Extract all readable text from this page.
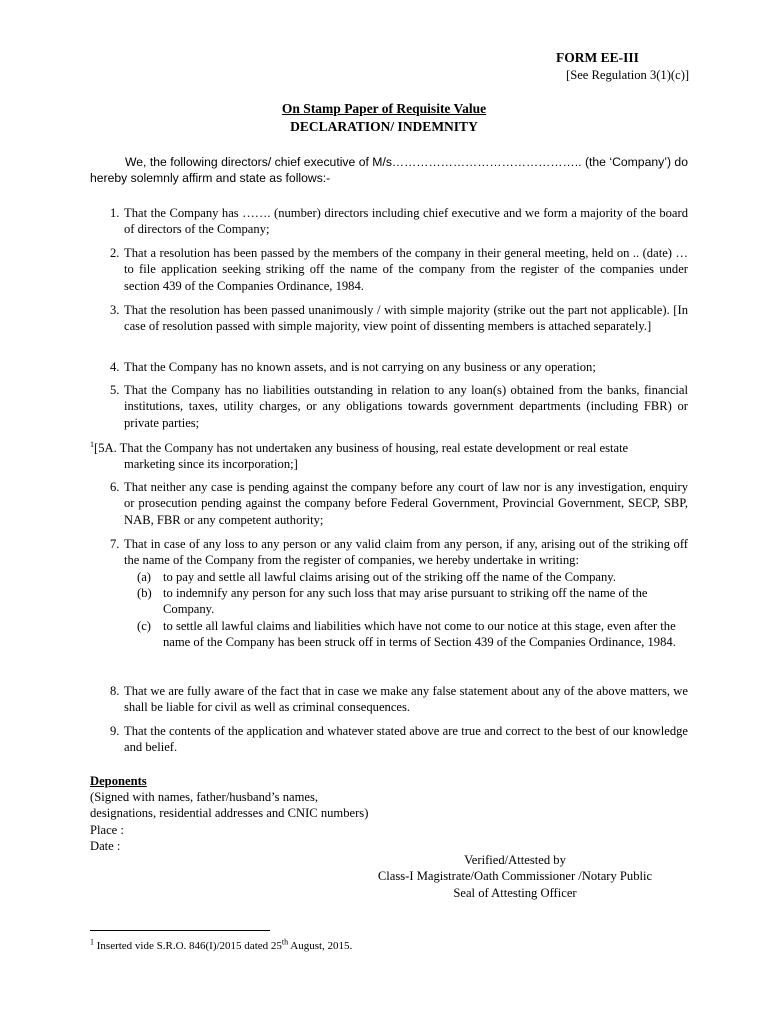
FORM EE-III
[See Regulation 3(1)(c)]
On Stamp Paper of Requisite Value
DECLARATION/ INDEMNITY
We, the following directors/ chief executive of M/s……………………………………….. (the ‘Company’) do hereby solemnly affirm and state as follows:-
1. That the Company has ……. (number) directors including chief executive and we form a majority of the board of directors of the Company;
2. That a resolution has been passed by the members of the company in their general meeting, held on .. (date) … to file application seeking striking off the name of the company from the register of the companies under section 439 of the Companies Ordinance, 1984.
3. That the resolution has been passed unanimously / with simple majority (strike out the part not applicable). [In case of resolution passed with simple majority, view point of dissenting members is attached separately.]
4. That the Company has no known assets, and is not carrying on any business or any operation;
5. That the Company has no liabilities outstanding in relation to any loan(s) obtained from the banks, financial institutions, taxes, utility charges, or any obligations towards government departments (including FBR) or private parties;
$^1$[5A. That the Company has not undertaken any business of housing, real estate development or real estate
marketing since its incorporation;]
6. That neither any case is pending against the company before any court of law nor is any investigation, enquiry or prosecution pending against the company before Federal Government, Provincial Government, SECP, SBP, NAB, FBR or any competent authority;
7. That in case of any loss to any person or any valid claim from any person, if any, arising out of the striking off the name of the Company from the register of companies, we hereby undertake in writing:
(a) to pay and settle all lawful claims arising out of the striking off the name of the Company.
(b) to indemnify any person for any such loss that may arise pursuant to striking off the name of the Company.
(c) to settle all lawful claims and liabilities which have not come to our notice at this stage, even after the name of the Company has been struck off in terms of Section 439 of the Companies Ordinance, 1984.
8. That we are fully aware of the fact that in case we make any false statement about any of the above matters, we shall be liable for civil as well as criminal consequences.
9. That the contents of the application and whatever stated above are true and correct to the best of our knowledge and belief.
Deponents
(Signed with names, father/husband’s names,
designations, residential addresses and CNIC numbers)
Place :
Date :
Verified/Attested by
Class-I Magistrate/Oath Commissioner /Notary Public
Seal of Attesting Officer
$^1$ Inserted vide S.R.O. 846(I)/2015 dated 25th August, 2015.
